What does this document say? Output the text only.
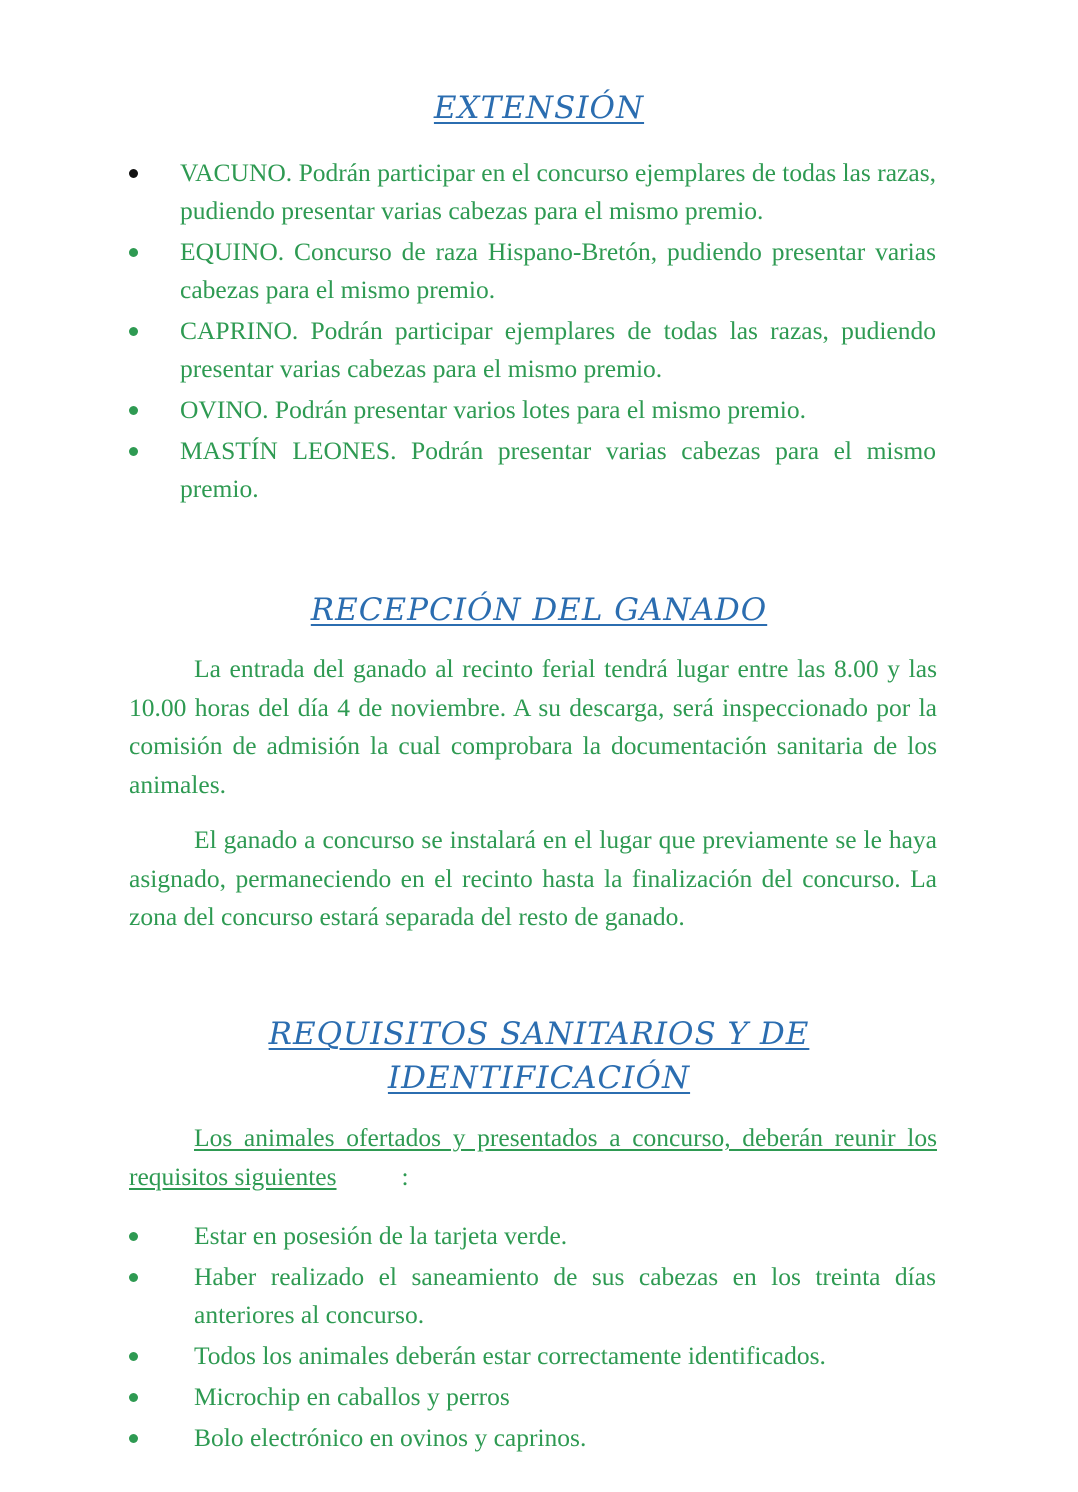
EXTENSIÓN
VACUNO. Podrán participar en el concurso ejemplares de todas las razas, pudiendo presentar varias cabezas para el mismo premio.
EQUINO. Concurso de raza Hispano-Bretón, pudiendo presentar varias cabezas para el mismo premio.
CAPRINO. Podrán participar ejemplares de todas las razas, pudiendo presentar varias cabezas para el mismo premio.
OVINO. Podrán presentar varios lotes para el mismo premio.
MASTÍN LEONES. Podrán presentar varias cabezas para el mismo premio.
RECEPCIÓN DEL GANADO

La entrada del ganado al recinto ferial tendrá lugar entre las 8.00 y las 10.00 horas del día 4 de noviembre. A su descarga, será inspeccionado por la comisión de admisión la cual comprobara la documentación sanitaria de los animales.

El ganado a concurso se instalará en el lugar que previamente se le haya asignado, permaneciendo en el recinto hasta la finalización del concurso. La zona del concurso estará separada del resto de ganado.

REQUISITOS SANITARIOS Y DE
IDENTIFICACIÓN

Los animales ofertados y presentados a concurso, deberán reunir los requisitos siguientes	:

Estar en posesión de la tarjeta verde.
Haber realizado el saneamiento de sus cabezas en los treinta días anteriores al concurso.
Todos los animales deberán estar correctamente identificados.
Microchip en caballos y perros
Bolo electrónico en ovinos y caprinos.
